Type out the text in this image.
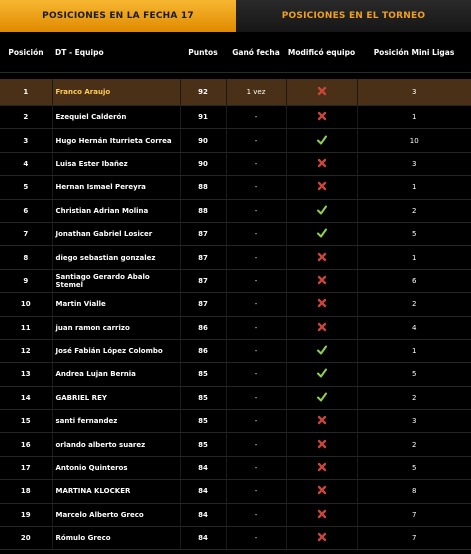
POSICIONES EN LA FECHA 17	POSICIONES EN EL TORNEO
Posición	DT - Equipo	Puntos	Ganó fecha	Modificó equipo	Posición Mini Ligas

1	Franco Araujo	92	1 vez		3
2	Ezequiel Calderón	91	-		1
3	Hugo Hernán Iturrieta Correa	90	-		10
4	Luisa Ester Ibañez	90	-		3
5	Hernan Ismael Pereyra	88	-		1
6	Christian Adrian Molina	88	-		2
7	Jonathan Gabriel Losicer	87	-		5
8	diego sebastian gonzalez	87	-		1
9	Santiago Gerardo Abalo Stemel	87	-		6
10	Martin Vialle	87	-		2
11	juan ramon carrizo	86	-		4
12	José Fabián López Colombo	86	-		1
13	Andrea Lujan Bernia	85	-		5
14	GABRIEL REY	85	-		2
15	santi fernandez	85	-		3
16	orlando alberto suarez	85	-		2
17	Antonio Quinteros	84	-		5
18	MARTINA KLOCKER	84	-		8
19	Marcelo Alberto Greco	84	-		7
20	Rómulo Greco	84	-		7
